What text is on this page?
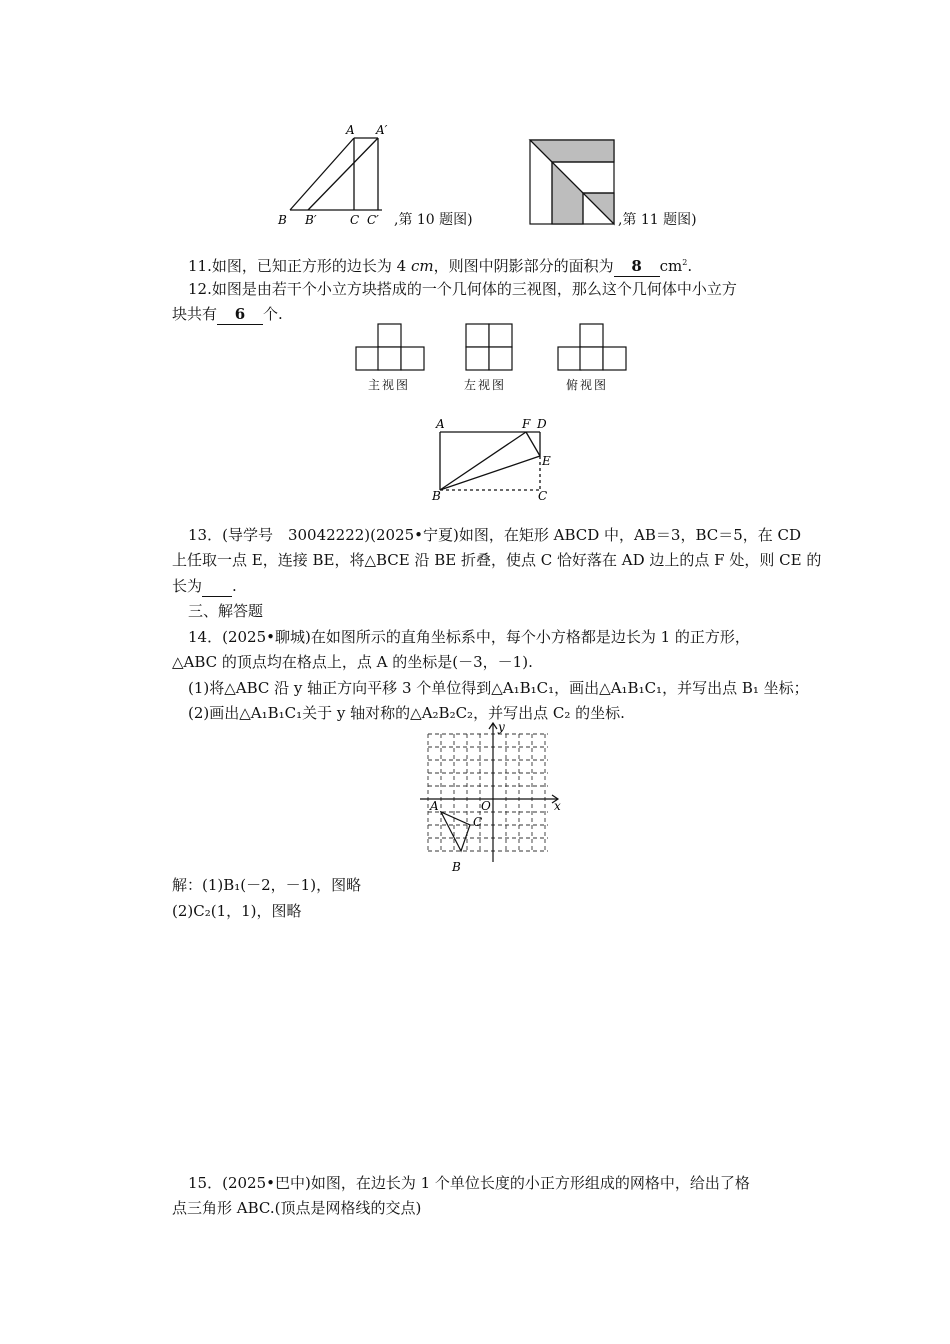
A A′
B B′	C C′ ,第 10 题图)	,第 11 题图)
11.如图，已知正方形的边长为 4 cm，则图中阴影部分的面积为 8 $cm^2$.
12.如图是由若干个小立方块搭成的一个几何体的三视图，那么这个几何体中小立方
块共有 6 个.
主视图	左视图	俯视图
A	F D
E
B	C
13．(导学号　30042222)(2025•宁夏)如图，在矩形 ABCD 中，AB＝3，BC＝5，在 CD
上任取一点 E，连接 BE，将△BCE 沿 BE 折叠，使点 C 恰好落在 AD 边上的点 F 处，则 CE 的
长为 .
三、解答题
14．(2025•聊城)在如图所示的直角坐标系中，每个小方格都是边长为 1 的正方形，
△ABC 的顶点均在格点上，点 A 的坐标是(－3，－1).
(1)将△ABC 沿 y 轴正方向平移 3 个单位得到△A₁B₁C₁，画出△A₁B₁C₁，并写出点 B₁ 坐标；
(2)画出△A₁B₁C₁关于 y 轴对称的△A₂B₂C₂，并写出点 C₂ 的坐标.
y
x
O
A
B
C
解：(1)B₁(－2，－1)，图略
(2)C₂(1，1)，图略
15．(2025•巴中)如图，在边长为 1 个单位长度的小正方形组成的网格中，给出了格
点三角形 ABC.(顶点是网格线的交点)
